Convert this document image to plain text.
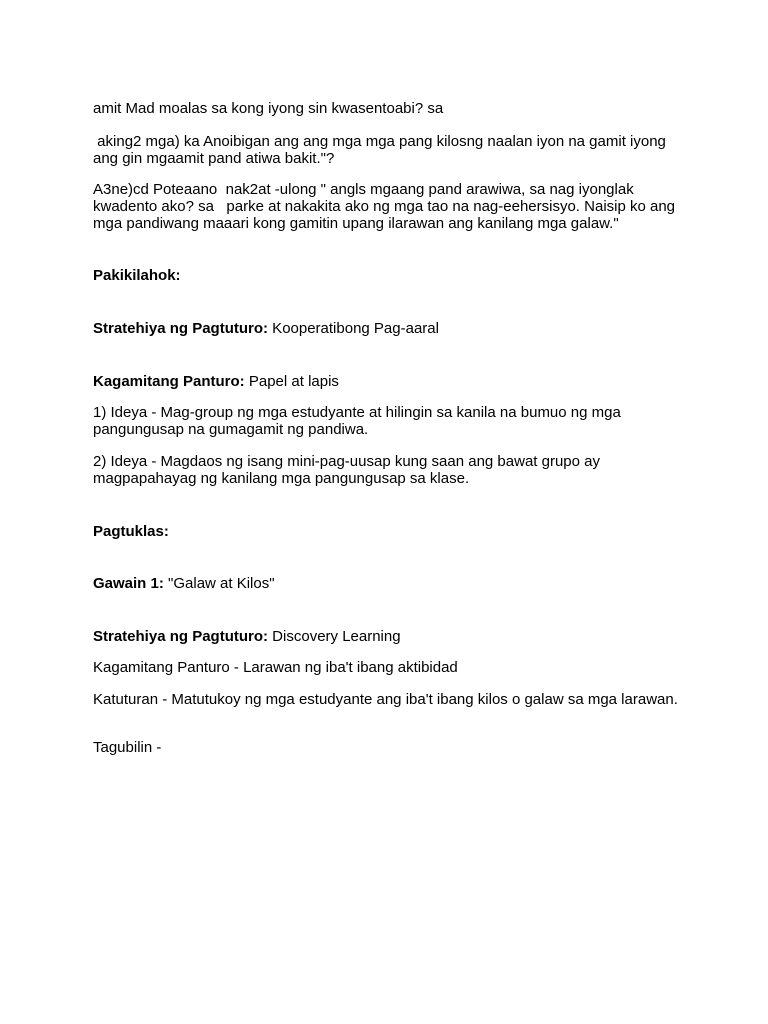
amit Mad moalas sa kong iyong sin kwasentoabi? sa

aking2 mga) ka Anoibigan ang ang mga mga pang kilosng naalan iyon na gamit iyong ang gin mgaamit pand atiwa bakit."?

A3ne)cd Poteaano  nak2at -ulong " angls mgaang pand arawiwa, sa nag iyonglak kwadento ako? sa   parke at nakakita ako ng mga tao na nag-eehersisyo. Naisip ko ang mga pandiwang maaari kong gamitin upang ilarawan ang kanilang mga galaw."

Pakikilahok:

Stratehiya ng Pagtuturo: Kooperatibong Pag-aaral

Kagamitang Panturo: Papel at lapis

1) Ideya - Mag-group ng mga estudyante at hilingin sa kanila na bumuo ng mga pangungusap na gumagamit ng pandiwa.

2) Ideya - Magdaos ng isang mini-pag-uusap kung saan ang bawat grupo ay magpapahayag ng kanilang mga pangungusap sa klase.

Pagtuklas:

Gawain 1: "Galaw at Kilos"

Stratehiya ng Pagtuturo: Discovery Learning

Kagamitang Panturo - Larawan ng iba't ibang aktibidad

Katuturan - Matutukoy ng mga estudyante ang iba't ibang kilos o galaw sa mga larawan.

Tagubilin -
